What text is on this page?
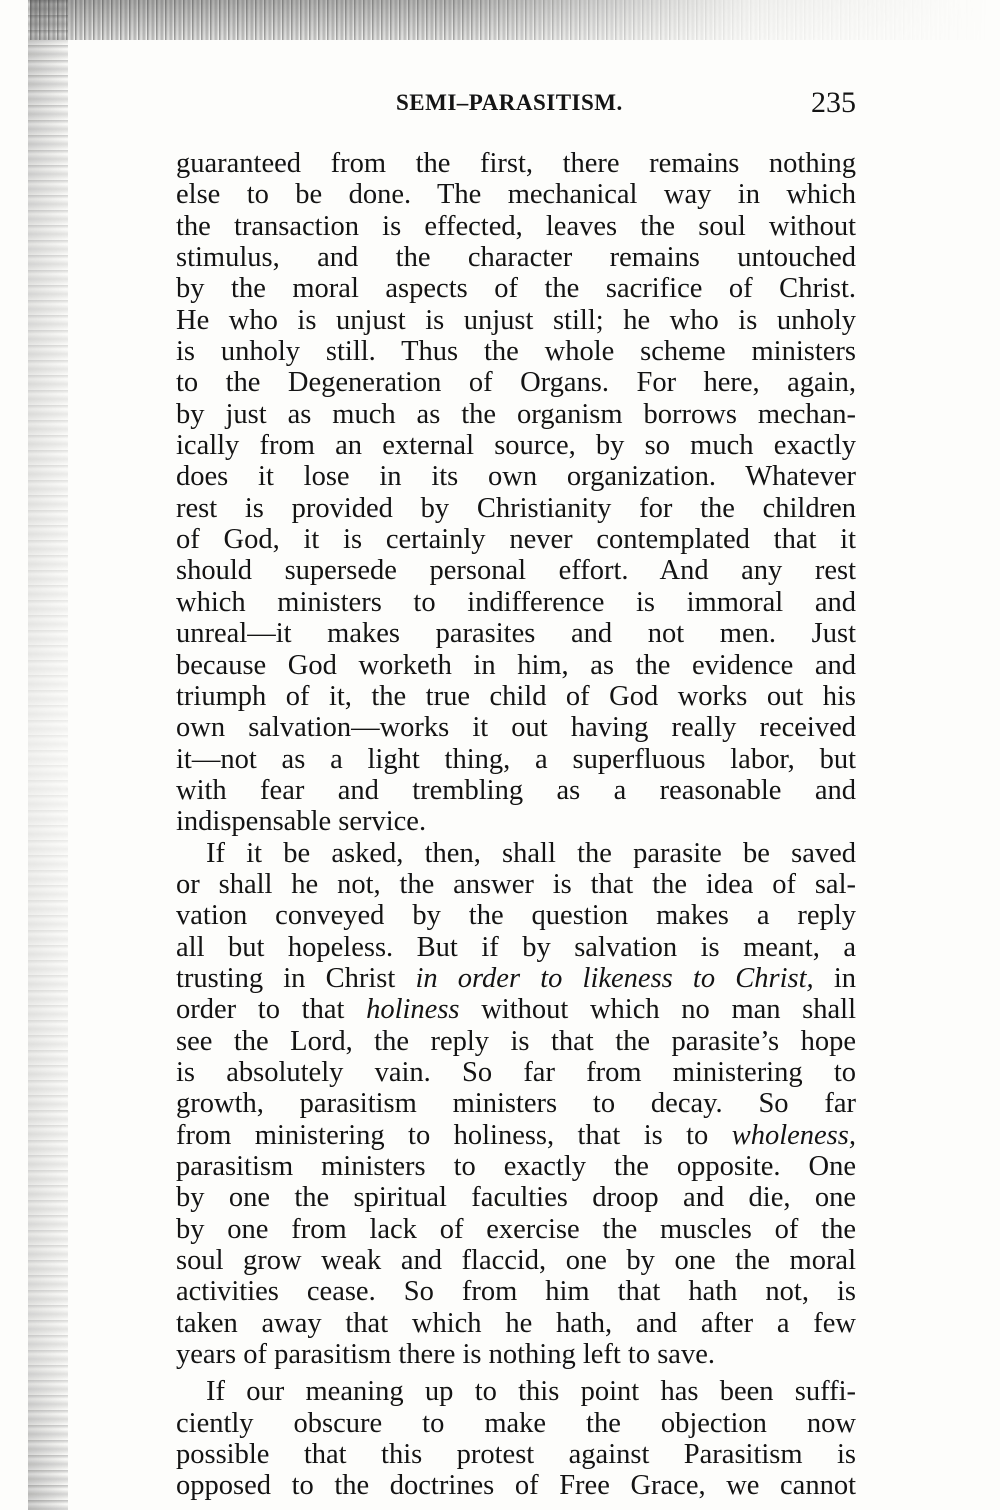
SEMI–PARASITISM.	235
guaranteed from the first, there remains nothing
else to be done. The mechanical way in which
the transaction is effected, leaves the soul without
stimulus, and the character remains untouched
by the moral aspects of the sacrifice of Christ.
He who is unjust is unjust still; he who is unholy
is unholy still. Thus the whole scheme ministers
to the Degeneration of Organs. For here, again,
by just as much as the organism borrows mechan-
ically from an external source, by so much exactly
does it lose in its own organization. Whatever
rest is provided by Christianity for the children
of God, it is certainly never contemplated that it
should supersede personal effort. And any rest
which ministers to indifference is immoral and
unreal—it makes parasites and not men. Just
because God worketh in him, as the evidence and
triumph of it, the true child of God works out his
own salvation—works it out having really received
it—not as a light thing, a superfluous labor, but
with fear and trembling as a reasonable and
indispensable service.
If it be asked, then, shall the parasite be saved
or shall he not, the answer is that the idea of sal-
vation conveyed by the question makes a reply
all but hopeless. But if by salvation is meant, a
trusting in Christ in order to likeness to Christ, in
order to that holiness without which no man shall
see the Lord, the reply is that the parasite’s hope
is absolutely vain. So far from ministering to
growth, parasitism ministers to decay. So far
from ministering to holiness, that is to wholeness,
parasitism ministers to exactly the opposite. One
by one the spiritual faculties droop and die, one
by one from lack of exercise the muscles of the
soul grow weak and flaccid, one by one the moral
activities cease. So from him that hath not, is
taken away that which he hath, and after a few
years of parasitism there is nothing left to save.
If our meaning up to this point has been suffi-
ciently obscure to make the objection now
possible that this protest against Parasitism is
opposed to the doctrines of Free Grace, we cannot
